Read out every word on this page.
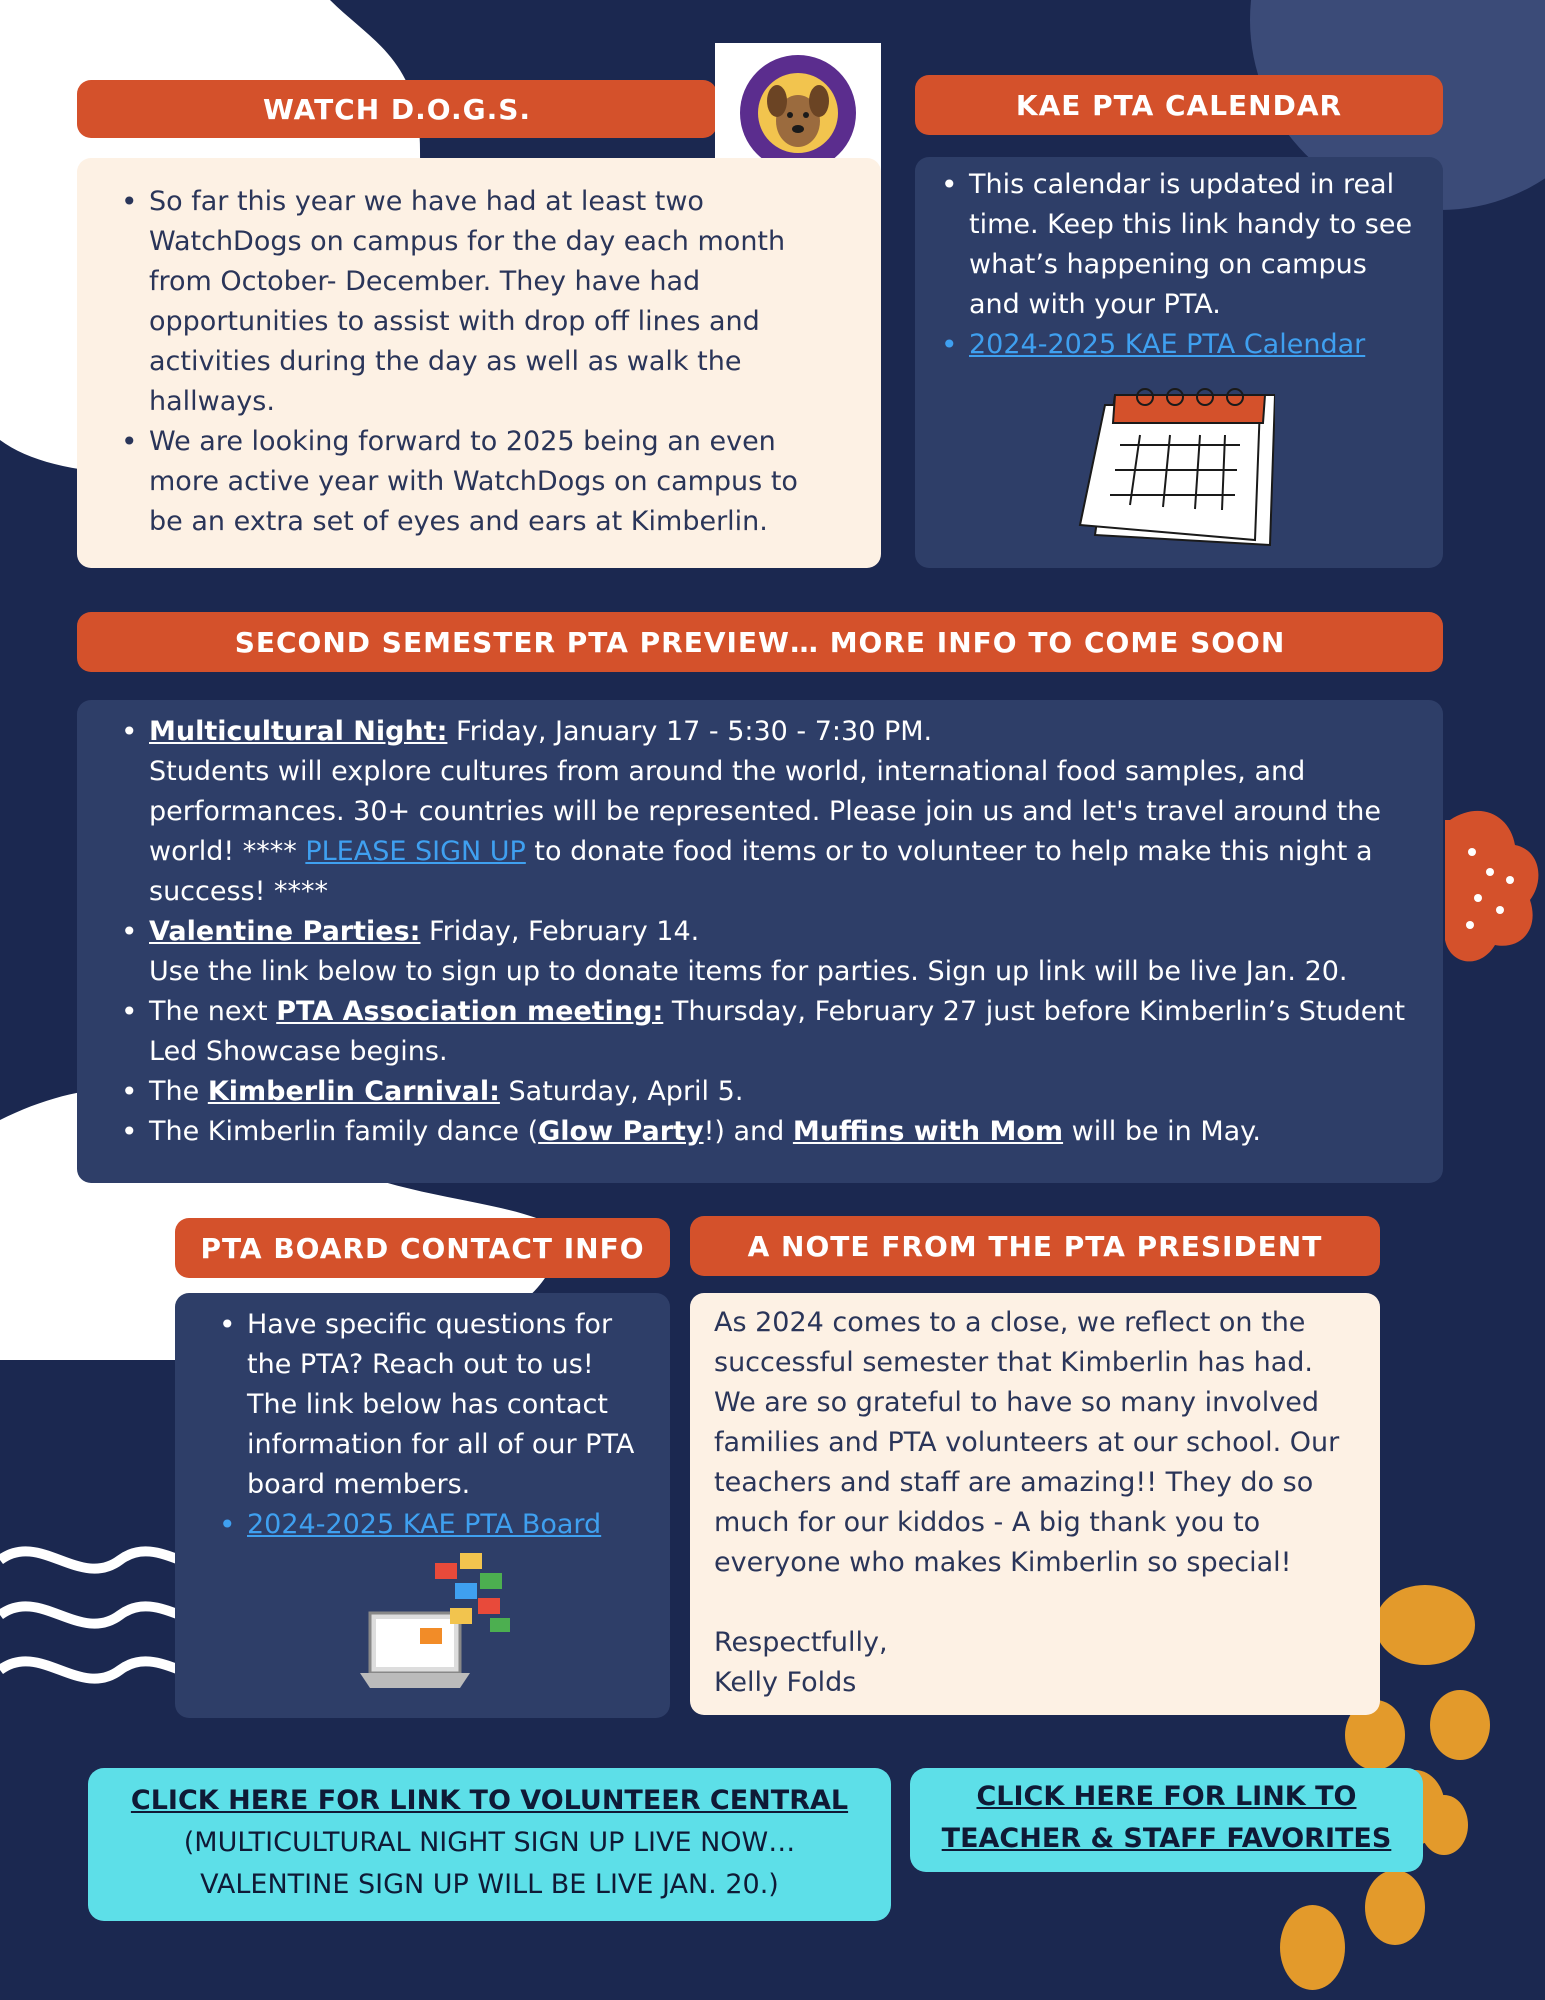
WATCH D.O.G.S.
• So far this year we have had at least two WatchDogs on campus for the day each month from October- December. They have had opportunities to assist with drop off lines and activities during the day as well as walk the hallways.
• We are looking forward to 2025 being an even more active year with WatchDogs on campus to be an extra set of eyes and ears at Kimberlin.
KAE PTA CALENDAR
• This calendar is updated in real time. Keep this link handy to see what’s happening on campus and with your PTA.
• 2024-2025 KAE PTA Calendar
SECOND SEMESTER PTA PREVIEW… MORE INFO TO COME SOON
• Multicultural Night: Friday, January 17 - 5:30 - 7:30 PM.
Students will explore cultures from around the world, international food samples, and performances. 30+ countries will be represented. Please join us and let's travel around the world! **** PLEASE SIGN UP to donate food items or to volunteer to help make this night a success! ****
• Valentine Parties: Friday, February 14.
Use the link below to sign up to donate items for parties. Sign up link will be live Jan. 20.
• The next PTA Association meeting: Thursday, February 27 just before Kimberlin’s Student Led Showcase begins.
• The Kimberlin Carnival: Saturday, April 5.
• The Kimberlin family dance (Glow Party!) and Muffins with Mom will be in May.
PTA BOARD CONTACT INFO
• Have specific questions for the PTA? Reach out to us! The link below has contact information for all of our PTA board members.
• 2024-2025 KAE PTA Board
A NOTE FROM THE PTA PRESIDENT
As 2024 comes to a close, we reflect on the successful semester that Kimberlin has had. We are so grateful to have so many involved families and PTA volunteers at our school. Our teachers and staff are amazing!! They do so much for our kiddos - A big thank you to everyone who makes Kimberlin so special!
Respectfully,
Kelly Folds
CLICK HERE FOR LINK TO VOLUNTEER CENTRAL
(MULTICULTURAL NIGHT SIGN UP LIVE NOW…
VALENTINE SIGN UP WILL BE LIVE JAN. 20.)
CLICK HERE FOR LINK TO
TEACHER & STAFF FAVORITES
